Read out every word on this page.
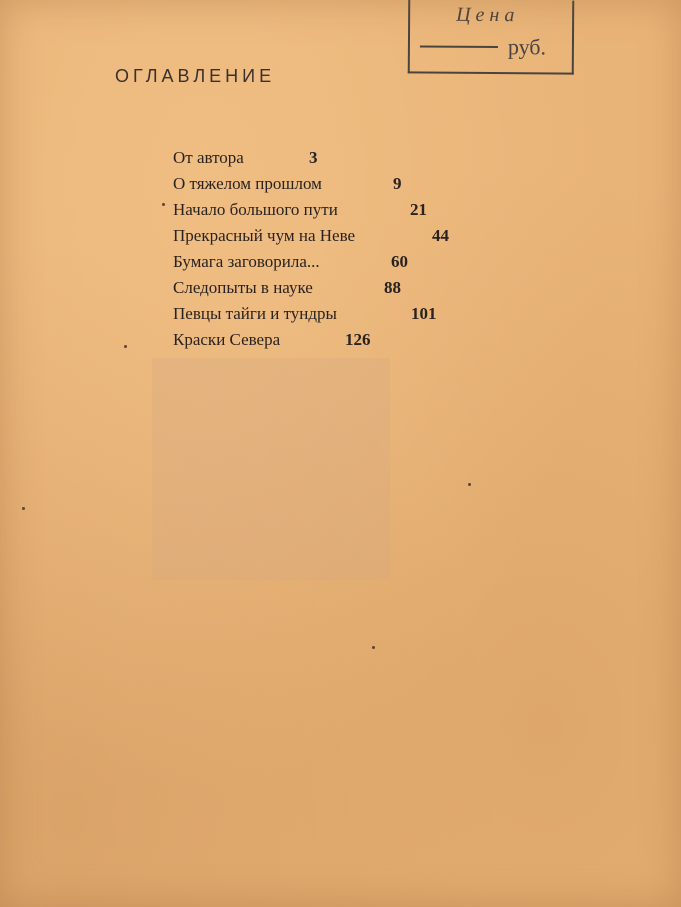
Цена
руб.
ОГЛАВЛЕНИЕ
От автора	3
О тяжелом прошлом	9
Начало большого пути	21
Прекрасный чум на Неве	44
Бумага заговорила...	60
Следопыты в науке	88
Певцы тайги и тундры	101
Краски Севера	126
